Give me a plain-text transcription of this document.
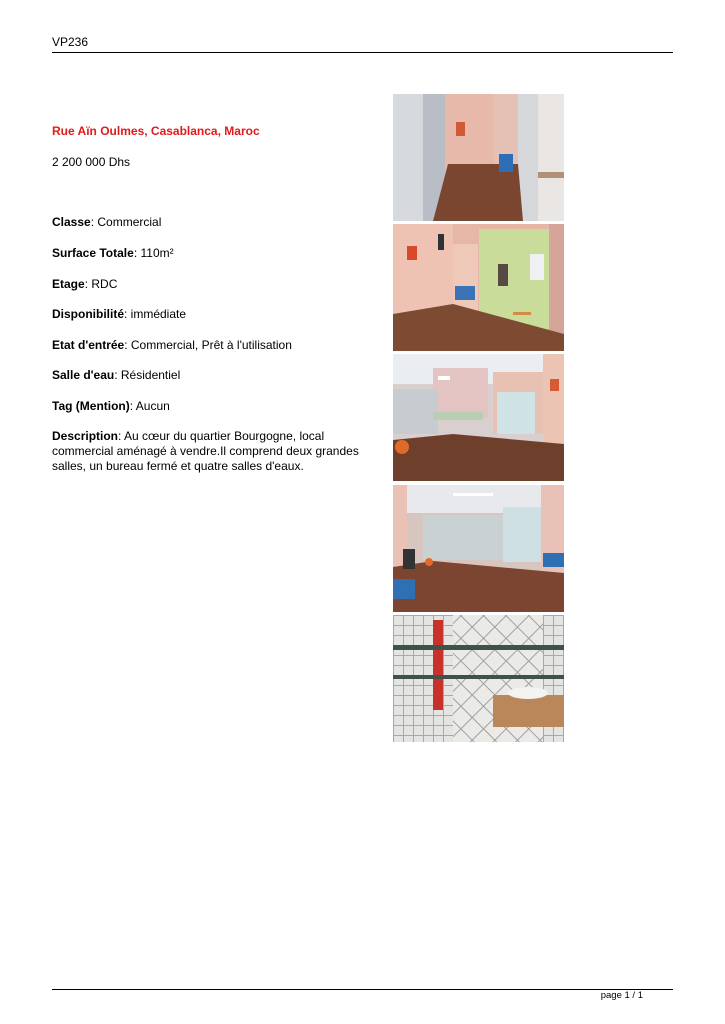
VP236
Rue Aïn Oulmes, Casablanca, Maroc
2 200 000 Dhs
Classe: Commercial
Surface Totale: 110m²
Etage: RDC
Disponibilité: immédiate
Etat d'entrée: Commercial, Prêt à l'utilisation
Salle d'eau: Résidentiel
Tag (Mention): Aucun
Description: Au cœur du quartier Bourgogne, local commercial aménagé à vendre.Il comprend deux grandes salles, un bureau fermé et quatre salles d'eaux.
page 1 / 1
